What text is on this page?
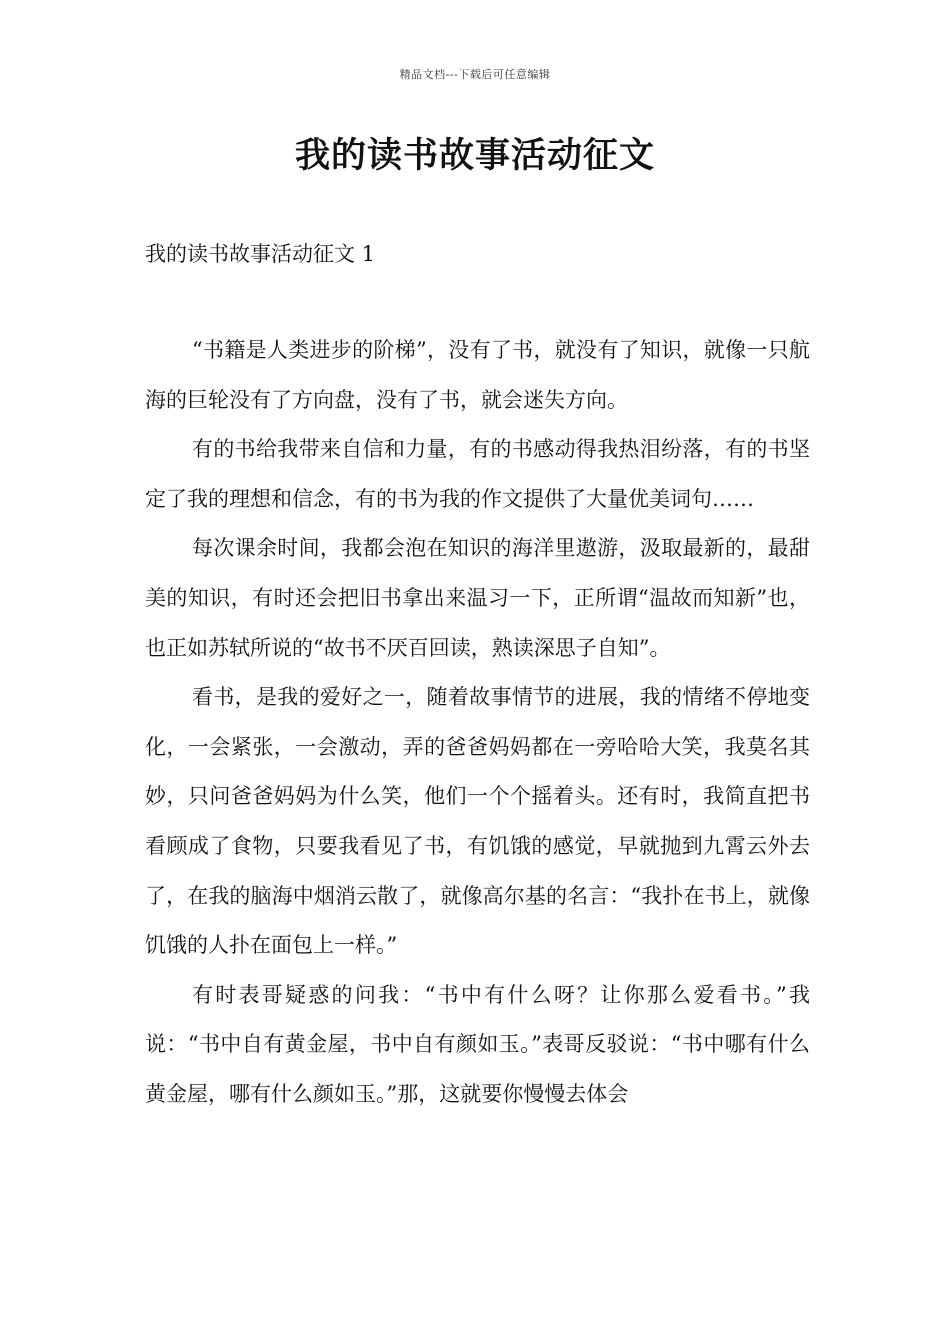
精品文档---下载后可任意编辑
我的读书故事活动征文
我的读书故事活动征文 1

“书籍是人类进步的阶梯”，没有了书，就没有了知识，就像一只航海的巨轮没有了方向盘，没有了书，就会迷失方向。

有的书给我带来自信和力量，有的书感动得我热泪纷落，有的书坚定了我的理想和信念，有的书为我的作文提供了大量优美词句……

每次课余时间，我都会泡在知识的海洋里遨游，汲取最新的，最甜美的知识，有时还会把旧书拿出来温习一下，正所谓“温故而知新”也，也正如苏轼所说的“故书不厌百回读，熟读深思子自知”。

看书，是我的爱好之一，随着故事情节的进展，我的情绪不停地变化，一会紧张，一会激动，弄的爸爸妈妈都在一旁哈哈大笑，我莫名其妙，只问爸爸妈妈为什么笑，他们一个个摇着头。还有时，我简直把书看顾成了食物，只要我看见了书，有饥饿的感觉，早就抛到九霄云外去了，在我的脑海中烟消云散了，就像高尔基的名言：“我扑在书上，就像饥饿的人扑在面包上一样。”

有时表哥疑惑的问我：“书中有什么呀？让你那么爱看书。”我说：“书中自有黄金屋，书中自有颜如玉。”表哥反驳说：“书中哪有什么黄金屋，哪有什么颜如玉。”那，这就要你慢慢去体会
